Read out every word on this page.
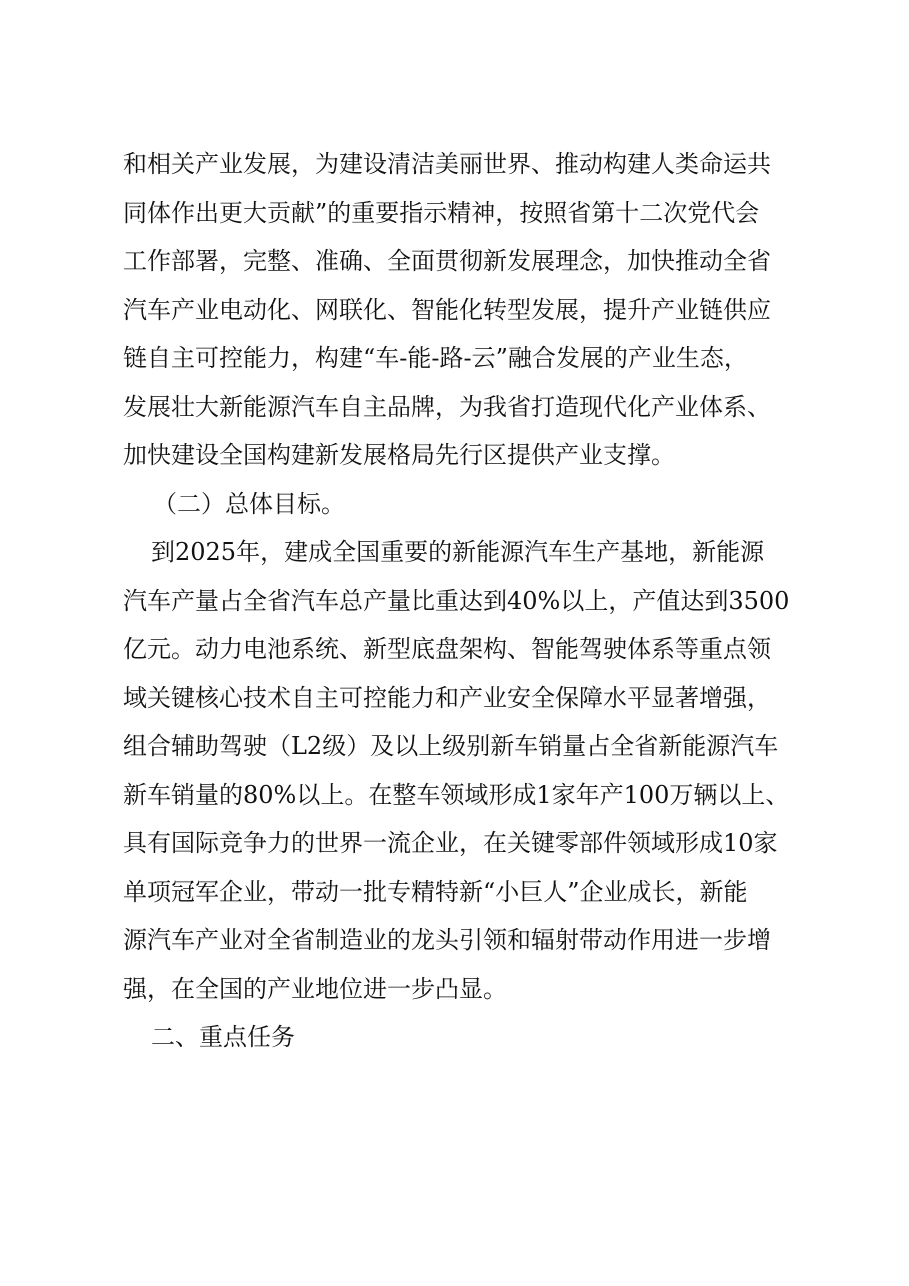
和相关产业发展，为建设清洁美丽世界、推动构建人类命运共
同体作出更大贡献”的重要指示精神，按照省第十二次党代会
工作部署，完整、准确、全面贯彻新发展理念，加快推动全省
汽车产业电动化、网联化、智能化转型发展，提升产业链供应
链自主可控能力，构建“车-能-路-云”融合发展的产业生态，
发展壮大新能源汽车自主品牌，为我省打造现代化产业体系、
加快建设全国构建新发展格局先行区提供产业支撑。
（二）总体目标。
到2025年，建成全国重要的新能源汽车生产基地，新能源
汽车产量占全省汽车总产量比重达到40%以上，产值达到3500
亿元。动力电池系统、新型底盘架构、智能驾驶体系等重点领
域关键核心技术自主可控能力和产业安全保障水平显著增强，
组合辅助驾驶（L2级）及以上级别新车销量占全省新能源汽车
新车销量的80%以上。在整车领域形成1家年产100万辆以上、
具有国际竞争力的世界一流企业，在关键零部件领域形成10家
单项冠军企业，带动一批专精特新“小巨人”企业成长，新能
源汽车产业对全省制造业的龙头引领和辐射带动作用进一步增
强，在全国的产业地位进一步凸显。
二、重点任务
